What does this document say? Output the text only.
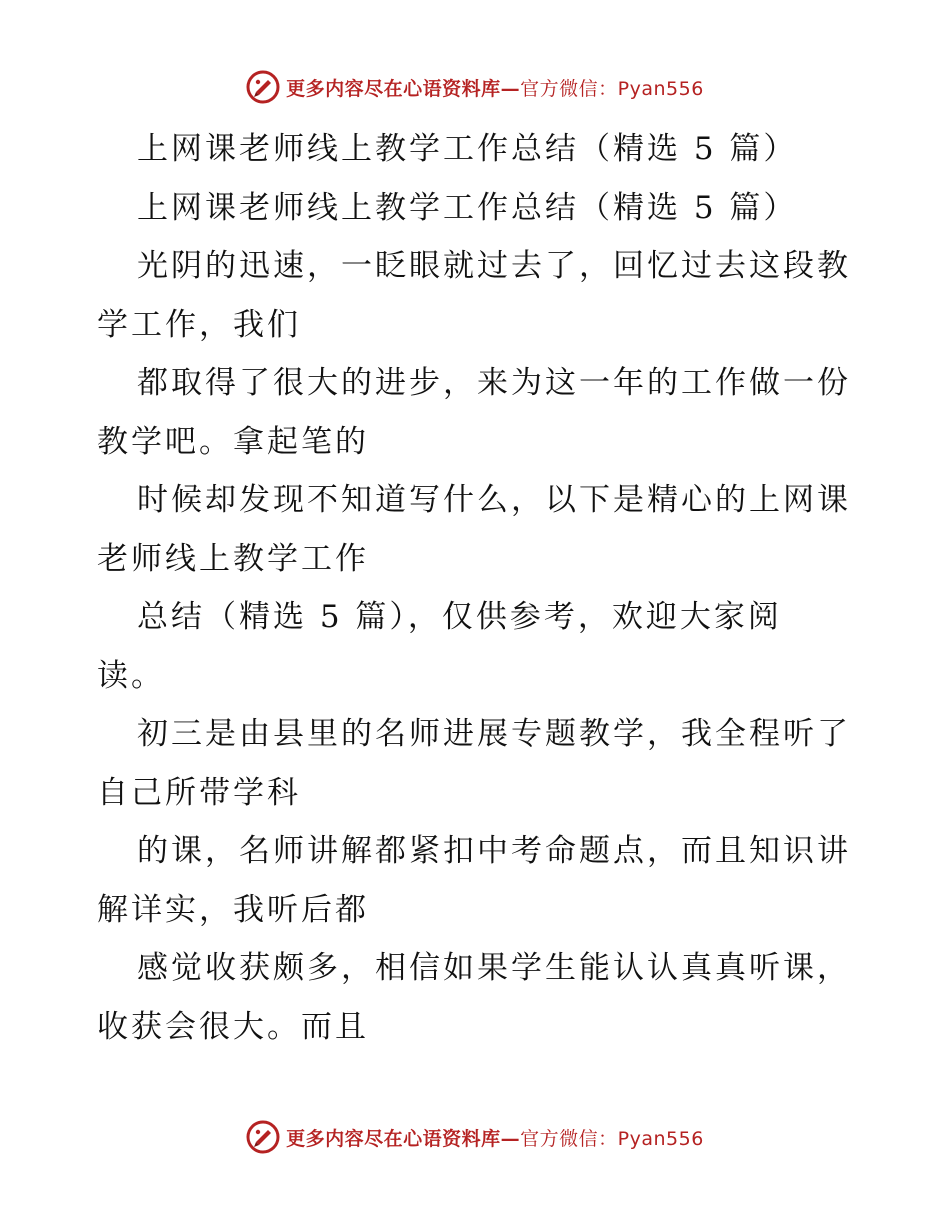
更多内容尽在心语资料库—官方微信：Pyan556
上网课老师线上教学工作总结（精选 5 篇）
上网课老师线上教学工作总结（精选 5 篇）
光阴的迅速，一眨眼就过去了，回忆过去这段教
学工作，我们
都取得了很大的进步，来为这一年的工作做一份
教学吧。拿起笔的
时候却发现不知道写什么，以下是精心的上网课
老师线上教学工作
总结（精选 5 篇），仅供参考，欢迎大家阅
读。
初三是由县里的名师进展专题教学，我全程听了
自己所带学科
的课，名师讲解都紧扣中考命题点，而且知识讲
解详实，我听后都
感觉收获颇多，相信如果学生能认认真真听课，
收获会很大。而且
更多内容尽在心语资料库—官方微信：Pyan556
